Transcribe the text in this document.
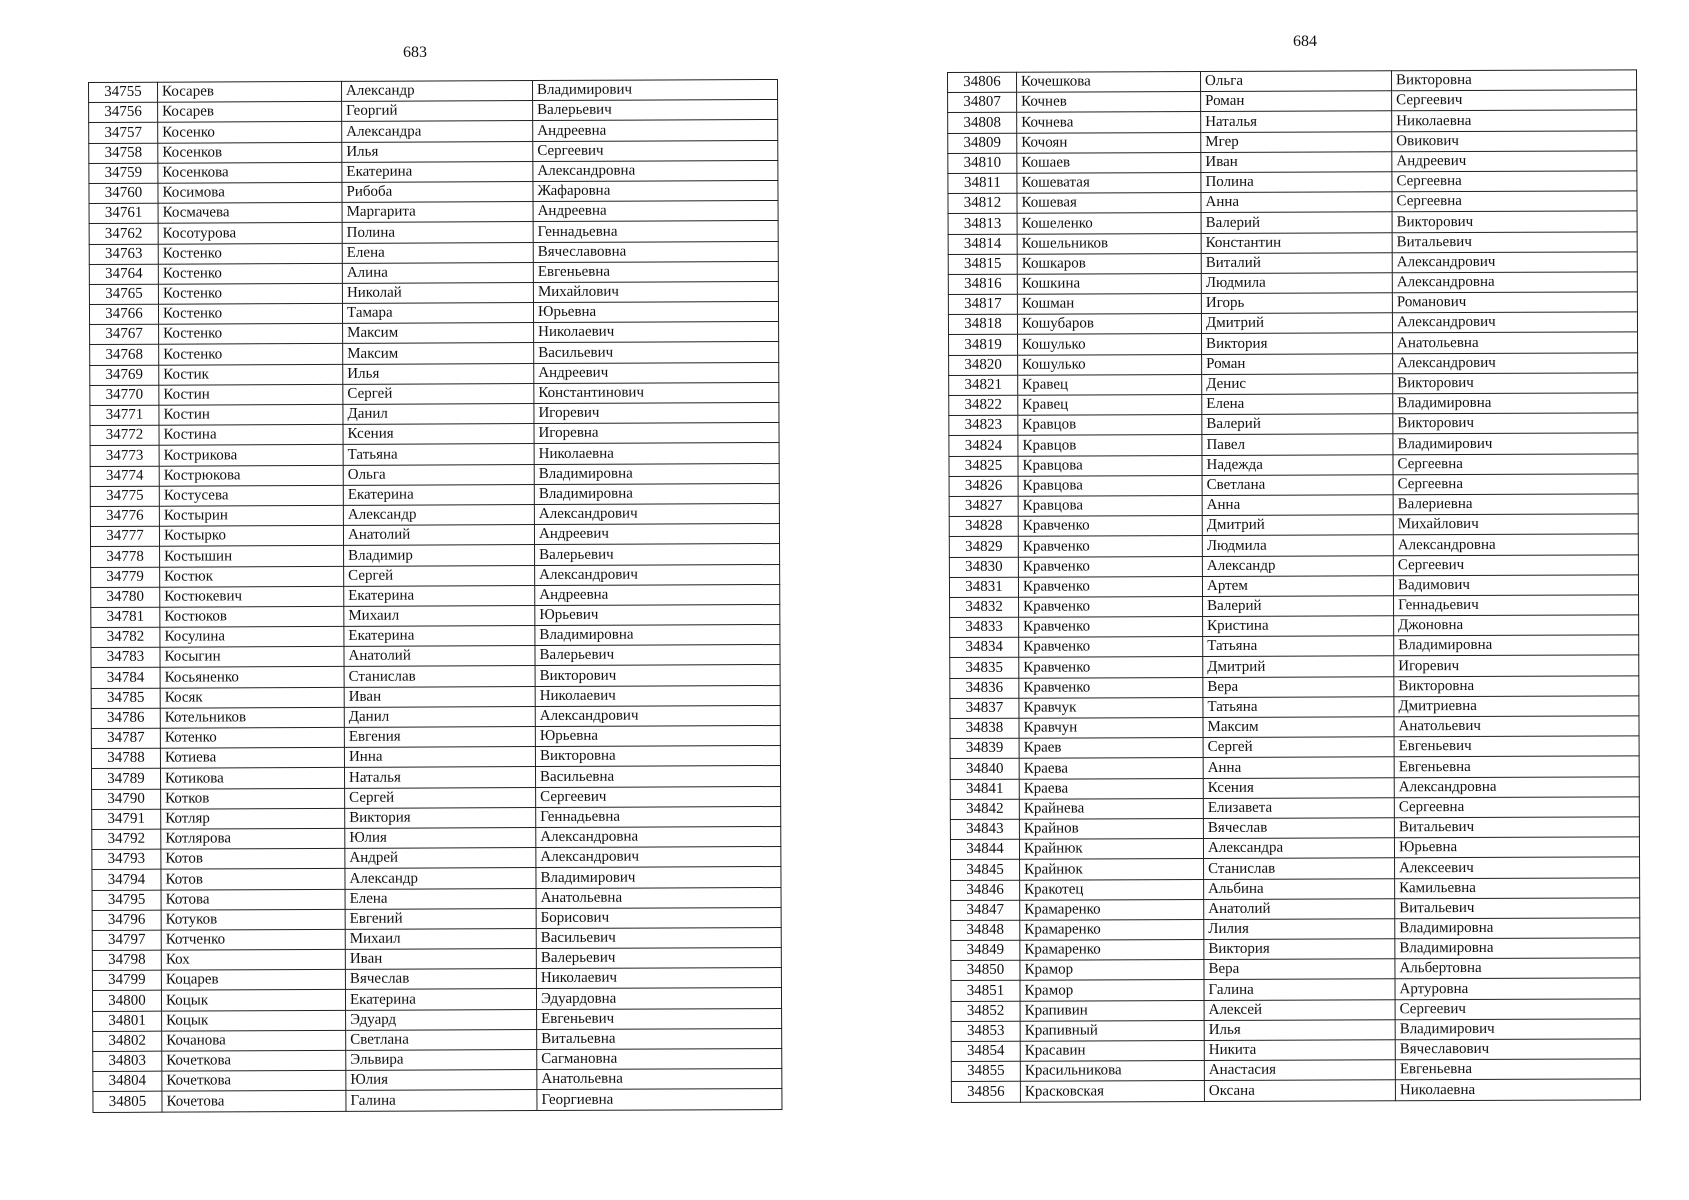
683
34755	Косарев	Александр	Владимирович
34756	Косарев	Георгий	Валерьевич
34757	Косенко	Александра	Андреевна
34758	Косенков	Илья	Сергеевич
34759	Косенкова	Екатерина	Александровна
34760	Косимова	Рибоба	Жафаровна
34761	Космачева	Маргарита	Андреевна
34762	Косотурова	Полина	Геннадьевна
34763	Костенко	Елена	Вячеславовна
34764	Костенко	Алина	Евгеньевна
34765	Костенко	Николай	Михайлович
34766	Костенко	Тамара	Юрьевна
34767	Костенко	Максим	Николаевич
34768	Костенко	Максим	Васильевич
34769	Костик	Илья	Андреевич
34770	Костин	Сергей	Константинович
34771	Костин	Данил	Игоревич
34772	Костина	Ксения	Игоревна
34773	Кострикова	Татьяна	Николаевна
34774	Кострюкова	Ольга	Владимировна
34775	Костусева	Екатерина	Владимировна
34776	Костырин	Александр	Александрович
34777	Костырко	Анатолий	Андреевич
34778	Костышин	Владимир	Валерьевич
34779	Костюк	Сергей	Александрович
34780	Костюкевич	Екатерина	Андреевна
34781	Костюков	Михаил	Юрьевич
34782	Косулина	Екатерина	Владимировна
34783	Косыгин	Анатолий	Валерьевич
34784	Косьяненко	Станислав	Викторович
34785	Косяк	Иван	Николаевич
34786	Котельников	Данил	Александрович
34787	Котенко	Евгения	Юрьевна
34788	Котиева	Инна	Викторовна
34789	Котикова	Наталья	Васильевна
34790	Котков	Сергей	Сергеевич
34791	Котляр	Виктория	Геннадьевна
34792	Котлярова	Юлия	Александровна
34793	Котов	Андрей	Александрович
34794	Котов	Александр	Владимирович
34795	Котова	Елена	Анатольевна
34796	Котуков	Евгений	Борисович
34797	Котченко	Михаил	Васильевич
34798	Кох	Иван	Валерьевич
34799	Коцарев	Вячеслав	Николаевич
34800	Коцык	Екатерина	Эдуардовна
34801	Коцык	Эдуард	Евгеньевич
34802	Кочанова	Светлана	Витальевна
34803	Кочеткова	Эльвира	Сагмановна
34804	Кочеткова	Юлия	Анатольевна
34805	Кочетова	Галина	Георгиевна
684
34806	Кочешкова	Ольга	Викторовна
34807	Кочнев	Роман	Сергеевич
34808	Кочнева	Наталья	Николаевна
34809	Кочоян	Мгер	Овикович
34810	Кошаев	Иван	Андреевич
34811	Кошеватая	Полина	Сергеевна
34812	Кошевая	Анна	Сергеевна
34813	Кошеленко	Валерий	Викторович
34814	Кошельников	Константин	Витальевич
34815	Кошкаров	Виталий	Александрович
34816	Кошкина	Людмила	Александровна
34817	Кошман	Игорь	Романович
34818	Кошубаров	Дмитрий	Александрович
34819	Кошулько	Виктория	Анатольевна
34820	Кошулько	Роман	Александрович
34821	Кравец	Денис	Викторович
34822	Кравец	Елена	Владимировна
34823	Кравцов	Валерий	Викторович
34824	Кравцов	Павел	Владимирович
34825	Кравцова	Надежда	Сергеевна
34826	Кравцова	Светлана	Сергеевна
34827	Кравцова	Анна	Валериевна
34828	Кравченко	Дмитрий	Михайлович
34829	Кравченко	Людмила	Александровна
34830	Кравченко	Александр	Сергеевич
34831	Кравченко	Артем	Вадимович
34832	Кравченко	Валерий	Геннадьевич
34833	Кравченко	Кристина	Джоновна
34834	Кравченко	Татьяна	Владимировна
34835	Кравченко	Дмитрий	Игоревич
34836	Кравченко	Вера	Викторовна
34837	Кравчук	Татьяна	Дмитриевна
34838	Кравчун	Максим	Анатольевич
34839	Краев	Сергей	Евгеньевич
34840	Краева	Анна	Евгеньевна
34841	Краева	Ксения	Александровна
34842	Крайнева	Елизавета	Сергеевна
34843	Крайнов	Вячеслав	Витальевич
34844	Крайнюк	Александра	Юрьевна
34845	Крайнюк	Станислав	Алексеевич
34846	Кракотец	Альбина	Камильевна
34847	Крамаренко	Анатолий	Витальевич
34848	Крамаренко	Лилия	Владимировна
34849	Крамаренко	Виктория	Владимировна
34850	Крамор	Вера	Альбертовна
34851	Крамор	Галина	Артуровна
34852	Крапивин	Алексей	Сергеевич
34853	Крапивный	Илья	Владимирович
34854	Красавин	Никита	Вячеславович
34855	Красильникова	Анастасия	Евгеньевна
34856	Красковская	Оксана	Николаевна
